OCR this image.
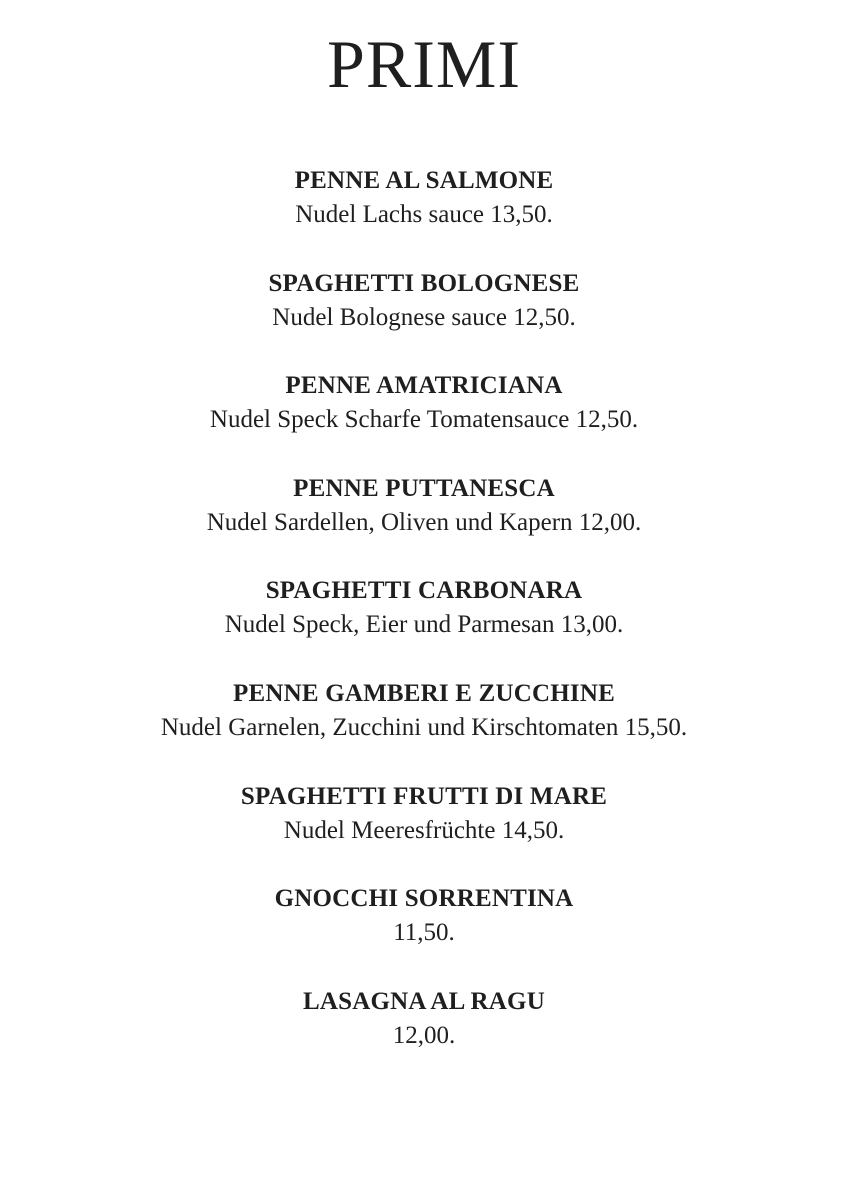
PRIMI
PENNE AL SALMONE
Nudel Lachs sauce 13,50.
SPAGHETTI BOLOGNESE
Nudel Bolognese sauce 12,50.
PENNE AMATRICIANA
Nudel Speck Scharfe Tomatensauce 12,50.
PENNE PUTTANESCA
Nudel Sardellen, Oliven und Kapern 12,00.
SPAGHETTI CARBONARA
Nudel Speck, Eier und Parmesan 13,00.
PENNE GAMBERI E ZUCCHINE
Nudel Garnelen, Zucchini und Kirschtomaten 15,50.
SPAGHETTI FRUTTI DI MARE
Nudel Meeresfrüchte 14,50.
GNOCCHI SORRENTINA
11,50.
LASAGNA AL RAGU
12,00.
